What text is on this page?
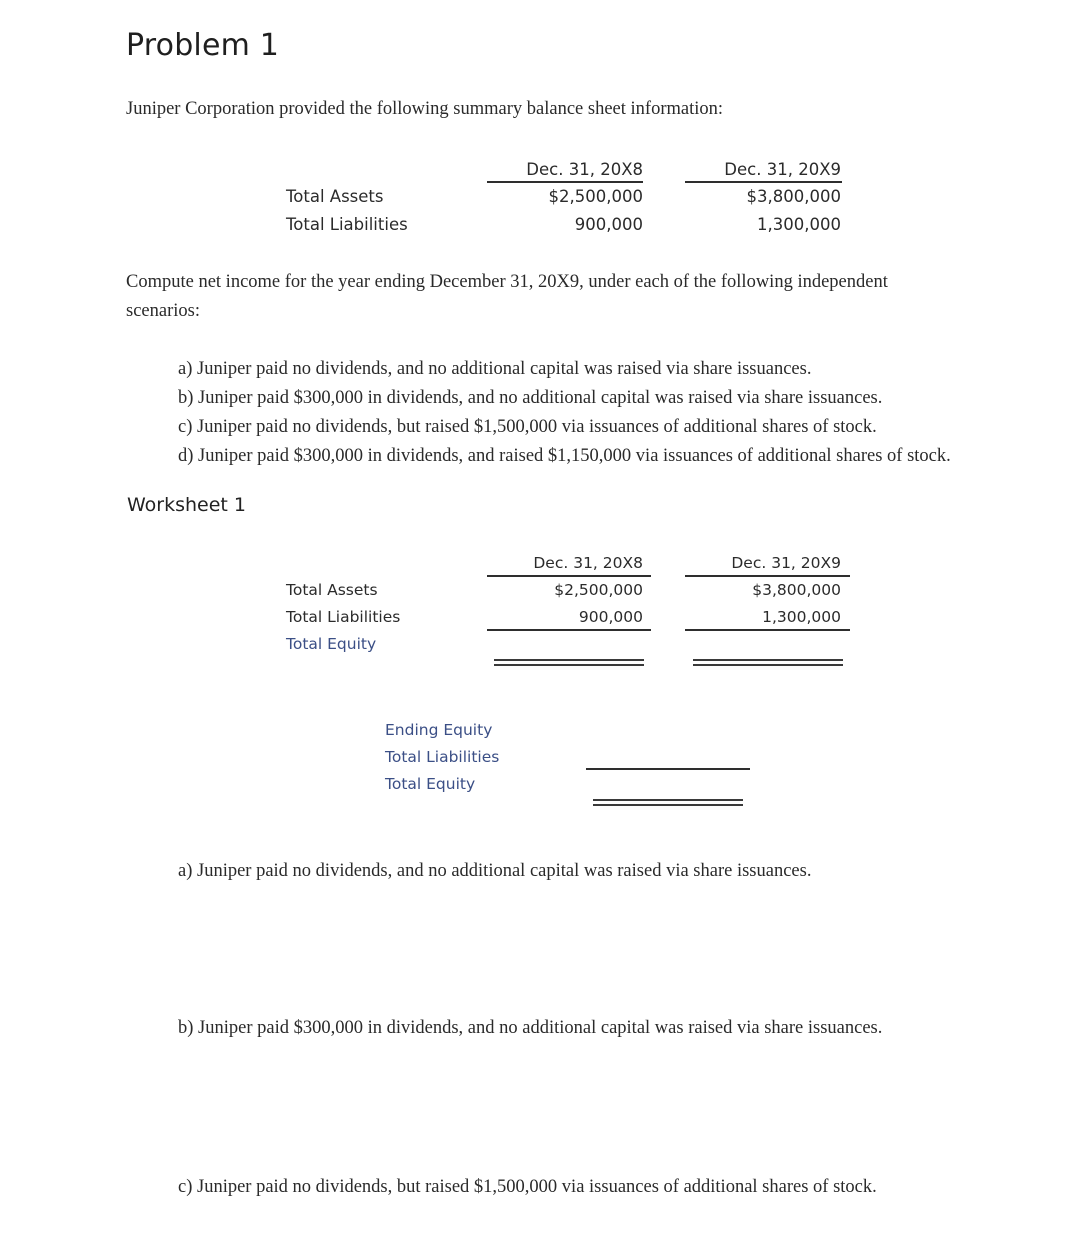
Problem 1
Juniper Corporation provided the following summary balance sheet information:
Dec. 31, 20X8	Dec. 31, 20X9
Total Assets	$2,500,000	$3,800,000
Total Liabilities	900,000	1,300,000
Compute net income for the year ending December 31, 20X9, under each of the following independent
scenarios:
a) Juniper paid no dividends, and no additional capital was raised via share issuances.
b) Juniper paid $300,000 in dividends, and no additional capital was raised via share issuances.
c) Juniper paid no dividends, but raised $1,500,000 via issuances of additional shares of stock.
d) Juniper paid $300,000 in dividends, and raised $1,150,000 via issuances of additional shares of stock.
Worksheet 1
Dec. 31, 20X8	Dec. 31, 20X9
Total Assets	$2,500,000	$3,800,000
Total Liabilities	900,000	1,300,000
Total Equity
Ending Equity
Total Liabilities
Total Equity
a) Juniper paid no dividends, and no additional capital was raised via share issuances.
b) Juniper paid $300,000 in dividends, and no additional capital was raised via share issuances.
c) Juniper paid no dividends, but raised $1,500,000 via issuances of additional shares of stock.
